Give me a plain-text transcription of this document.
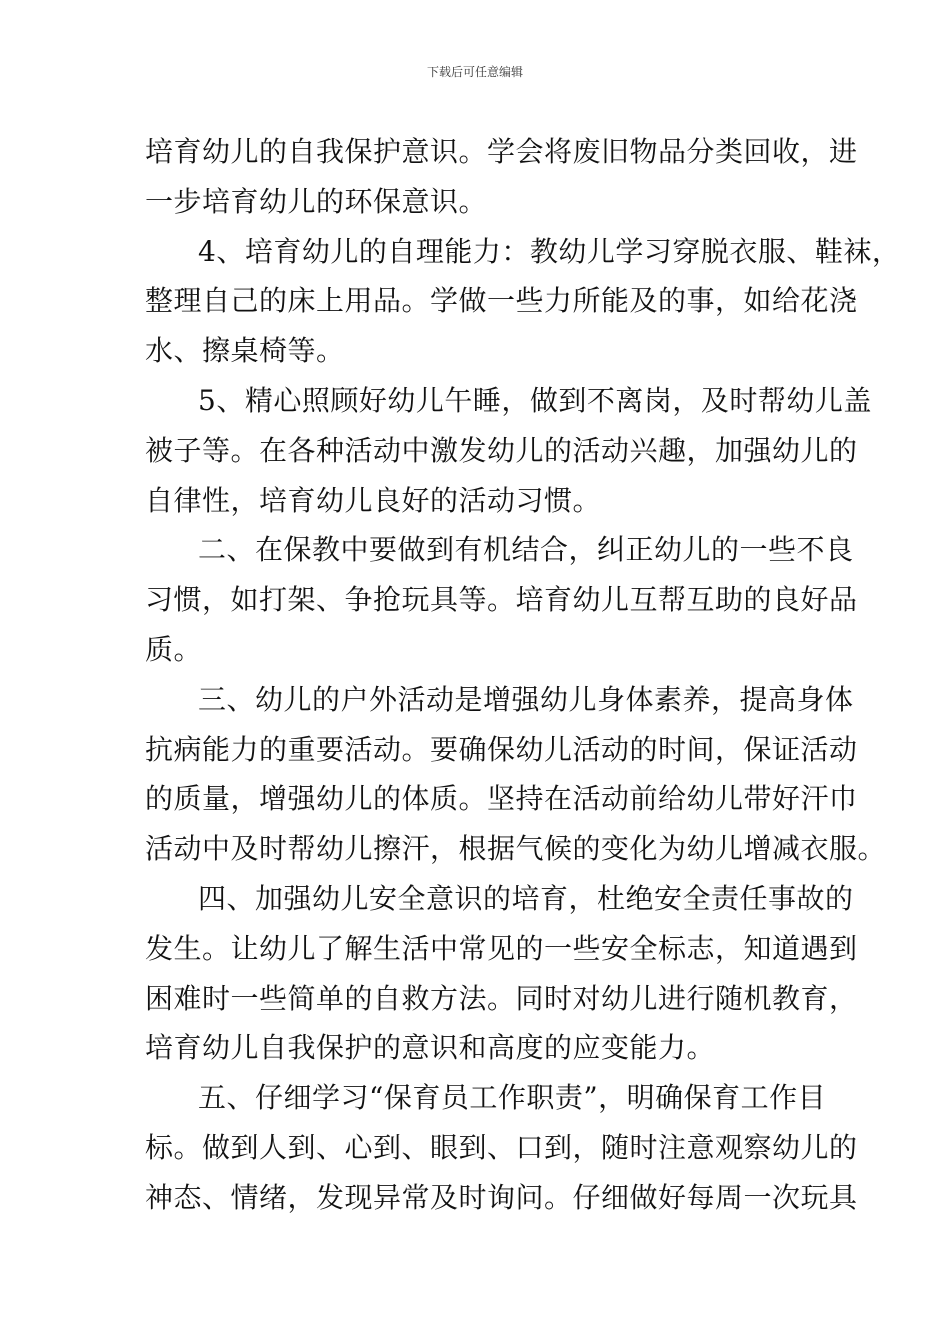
下载后可任意编辑
培育幼儿的自我保护意识。学会将废旧物品分类回收，进
一步培育幼儿的环保意识。
4、培育幼儿的自理能力：教幼儿学习穿脱衣服、鞋袜，
整理自己的床上用品。学做一些力所能及的事，如给花浇
水、擦桌椅等。
5、精心照顾好幼儿午睡，做到不离岗，及时帮幼儿盖
被子等。在各种活动中激发幼儿的活动兴趣，加强幼儿的
自律性，培育幼儿良好的活动习惯。
二、在保教中要做到有机结合，纠正幼儿的一些不良
习惯，如打架、争抢玩具等。培育幼儿互帮互助的良好品
质。
三、幼儿的户外活动是增强幼儿身体素养，提高身体
抗病能力的重要活动。要确保幼儿活动的时间，保证活动
的质量，增强幼儿的体质。坚持在活动前给幼儿带好汗巾
活动中及时帮幼儿擦汗，根据气候的变化为幼儿增减衣服。
四、加强幼儿安全意识的培育，杜绝安全责任事故的
发生。让幼儿了解生活中常见的一些安全标志，知道遇到
困难时一些简单的自救方法。同时对幼儿进行随机教育，
培育幼儿自我保护的意识和高度的应变能力。
五、仔细学习“保育员工作职责”，明确保育工作目
标。做到人到、心到、眼到、口到，随时注意观察幼儿的
神态、情绪，发现异常及时询问。仔细做好每周一次玩具
